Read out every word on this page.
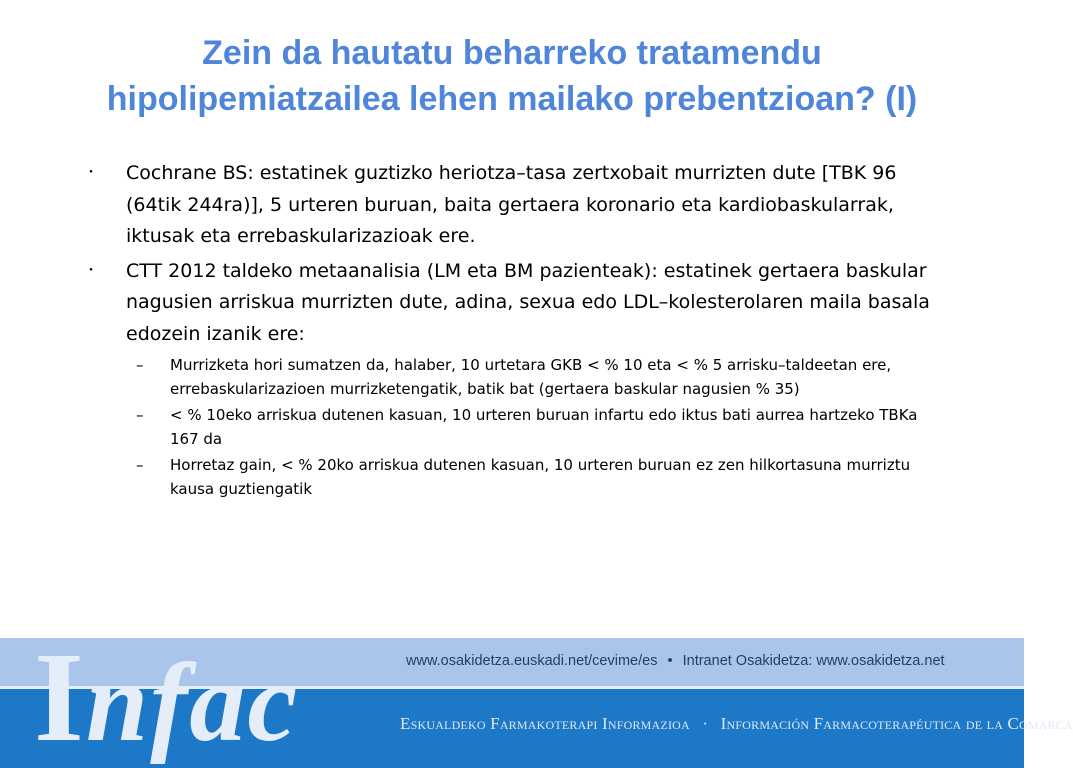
Zein da hautatu beharreko tratamendu
hipolipemiatzailea lehen mailako prebentzioan? (I)
・ Cochrane BS: estatinek guztizko heriotza–tasa zertxobait murrizten dute [TBK 96 (64tik 244ra)], 5 urteren buruan, baita gertaera koronario eta kardiobaskularrak, iktusak eta errebaskularizazioak ere.
・ CTT 2012 taldeko metaanalisia (LM eta BM pazienteak): estatinek gertaera baskular nagusien arriskua murrizten dute, adina, sexua edo LDL–kolesterolaren maila basala edozein izanik ere:
– Murrizketa hori sumatzen da, halaber, 10 urtetara GKB < % 10 eta < % 5 arrisku–taldeetan ere, errebaskularizazioen murrizketengatik, batik bat (gertaera baskular nagusien % 35)
– < % 10eko arriskua dutenen kasuan, 10 urteren buruan infartu edo iktus bati aurrea hartzeko TBKa 167 da
– Horretaz gain, < % 20ko arriskua dutenen kasuan, 10 urteren buruan ez zen hilkortasuna murriztu kausa guztiengatik
Infac	www.osakidetza.euskadi.net/cevime/es • Intranet Osakidetza: www.osakidetza.net
Eskualdeko Farmakoterapi Informazioa · Información Farmacoterapéutica de la Comarca
